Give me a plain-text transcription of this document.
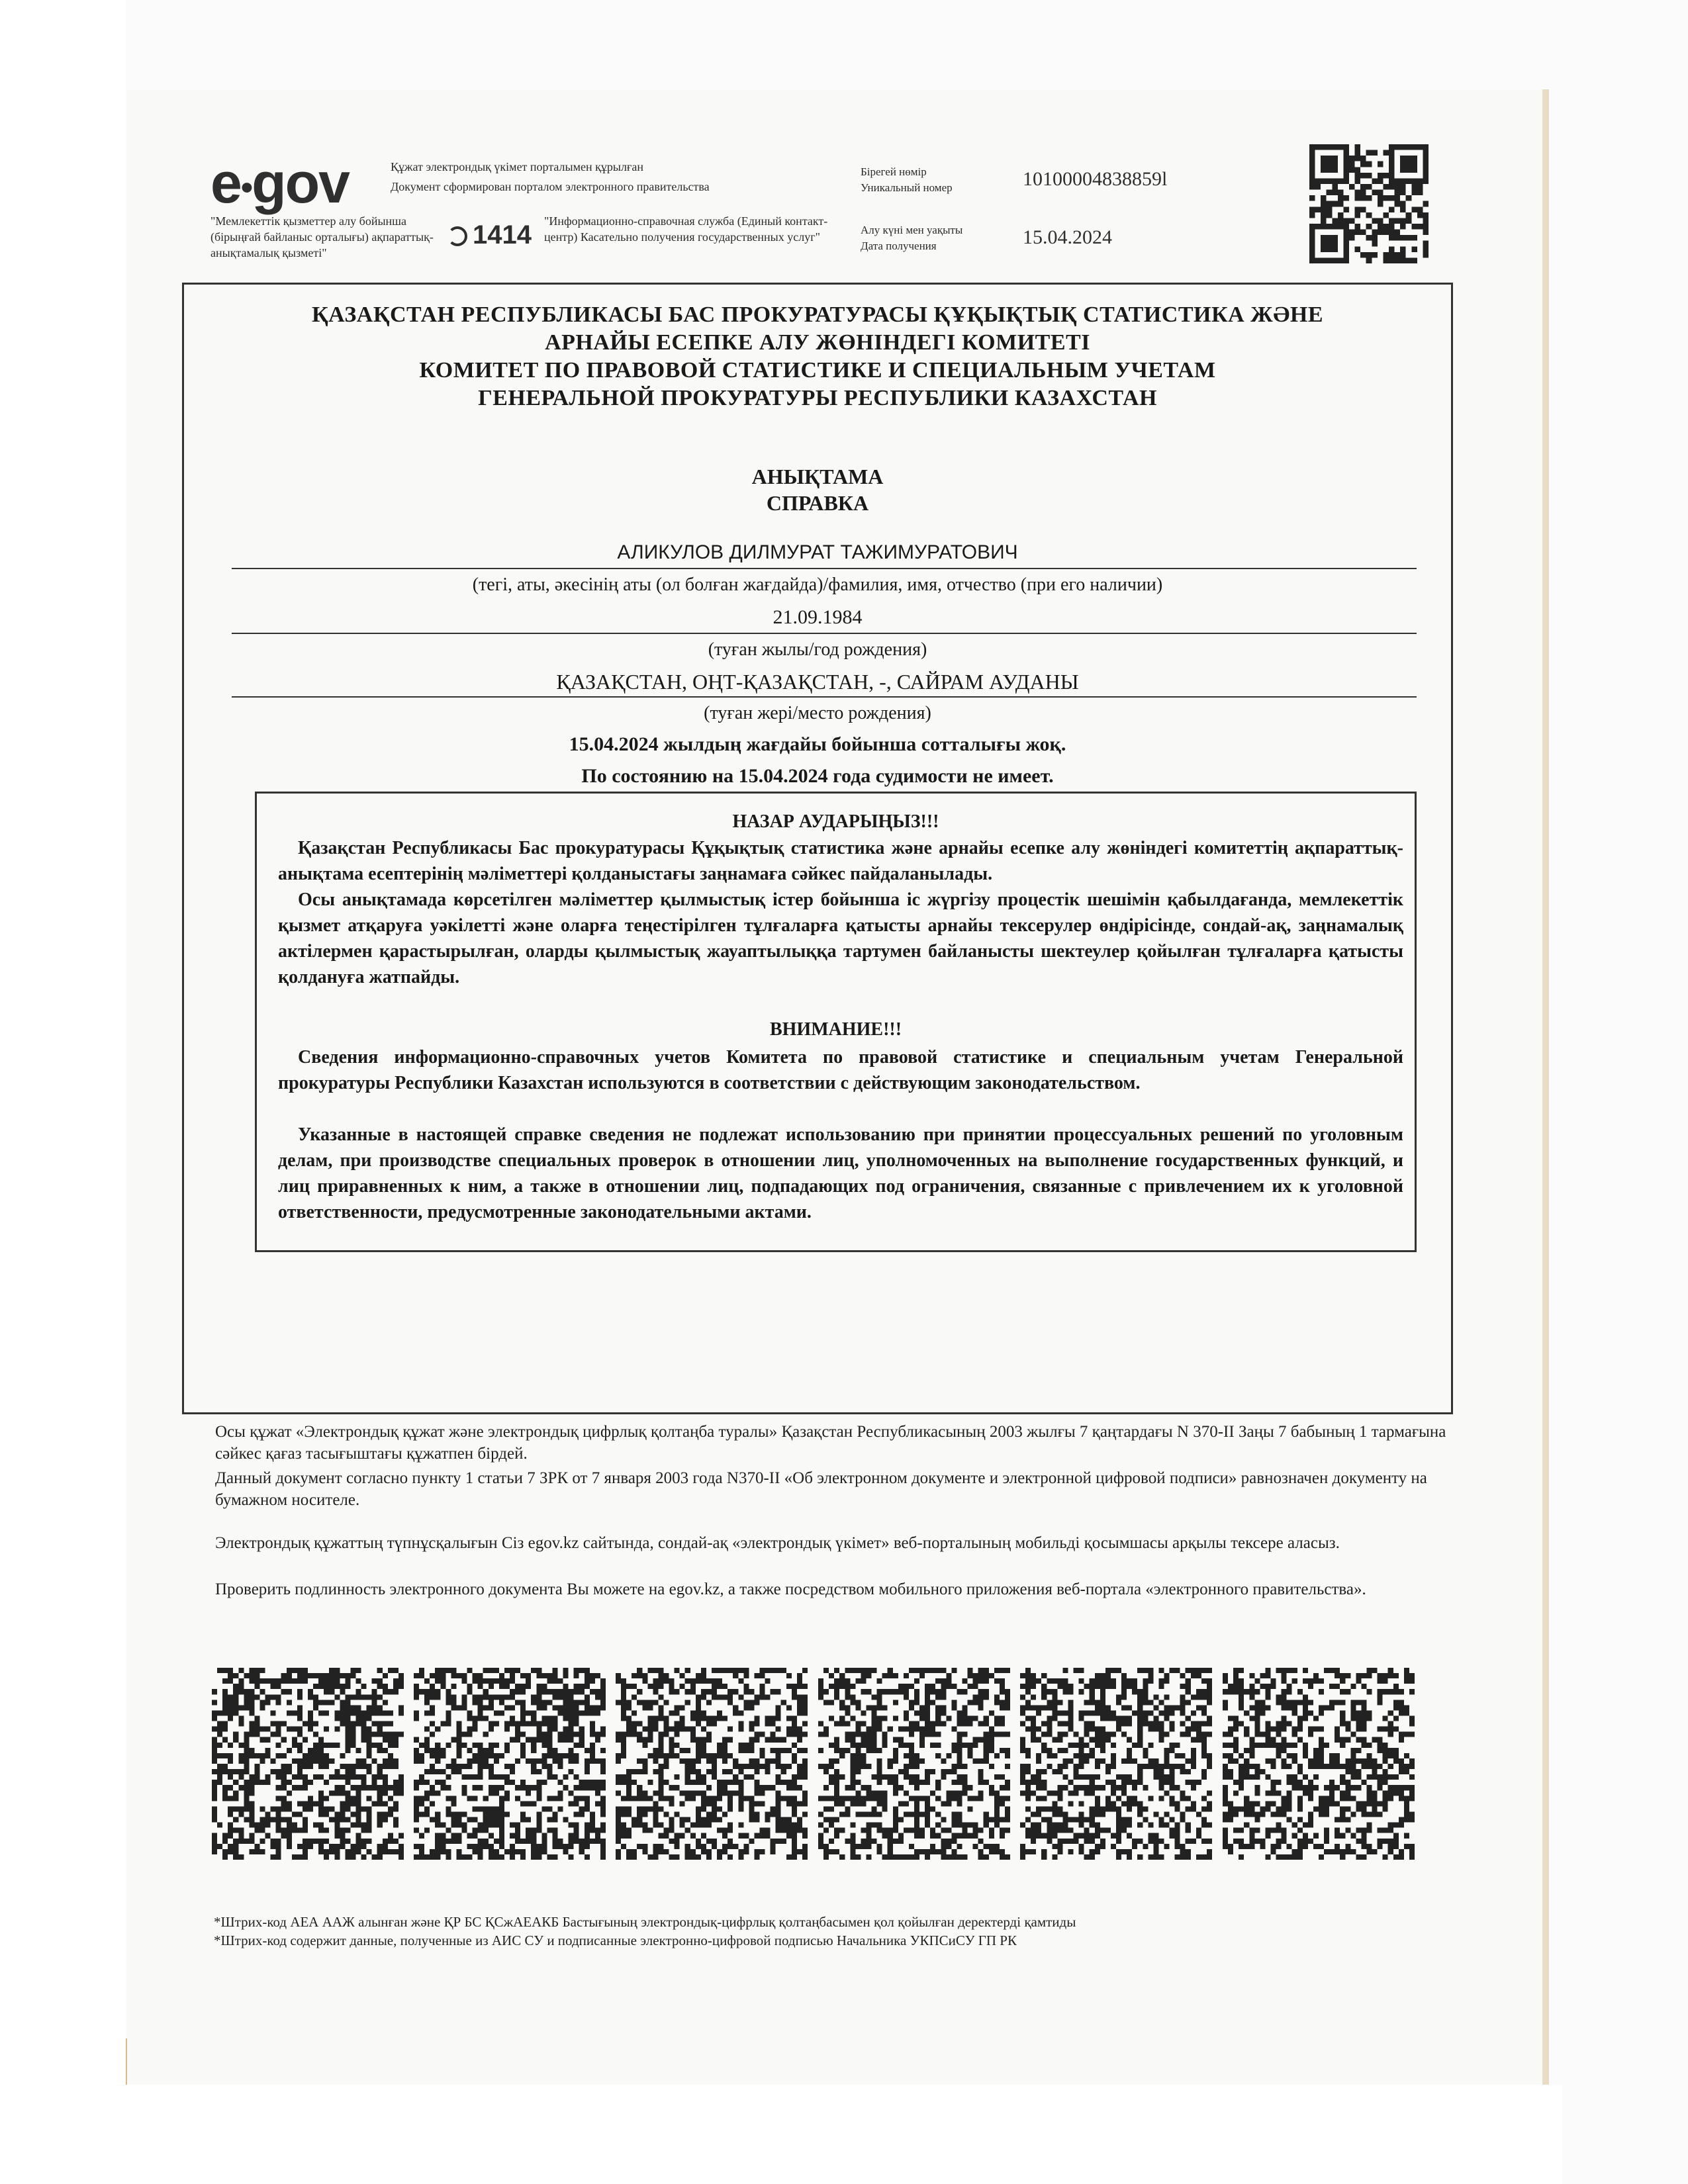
e•gov
"Мемлекеттік қызметтер алу бойынша (бірыңғай байланыс орталығы) ақпараттық-анықтамалық қызметі"
1414
Құжат электрондық үкімет порталымен құрылған
Документ сформирован порталом электронного правительства
"Информационно-справочная служба (Единый контакт-центр) Касательно получения государственных услуг"
Бірегей нөмір
Уникальный номер	10100004838859l
Алу күні мен уақыты
Дата получения	15.04.2024
ҚАЗАҚСТАН РЕСПУБЛИКАСЫ БАС ПРОКУРАТУРАСЫ ҚҰҚЫҚТЫҚ СТАТИСТИКА ЖӘНЕ
АРНАЙЫ ЕСЕПКЕ АЛУ ЖӨНІНДЕГІ КОМИТЕТІ
КОМИТЕТ ПО ПРАВОВОЙ СТАТИСТИКЕ И СПЕЦИАЛЬНЫМ УЧЕТАМ
ГЕНЕРАЛЬНОЙ ПРОКУРАТУРЫ РЕСПУБЛИКИ КАЗАХСТАН
АНЫҚТАМА
СПРАВКА
АЛИКУЛОВ ДИЛМУРАТ ТАЖИМУРАТОВИЧ
(тегі, аты, әкесінің аты (ол болған жағдайда)/фамилия, имя, отчество (при его наличии)
21.09.1984
(туған жылы/год рождения)
ҚАЗАҚСТАН, ОҢТ-ҚАЗАҚСТАН, -, САЙРАМ АУДАНЫ
(туған жері/место рождения)
15.04.2024 жылдың жағдайы бойынша сотталығы жоқ.
По состоянию на 15.04.2024 года судимости не имеет.
НАЗАР АУДАРЫҢЫЗ!!!
Қазақстан Республикасы Бас прокуратурасы Құқықтық статистика және арнайы есепке алу жөніндегі комитеттің ақпараттық-анықтама есептерінің мәліметтері қолданыстағы заңнамаға сәйкес пайдаланылады.
Осы анықтамада көрсетілген мәліметтер қылмыстық істер бойынша іс жүргізу процестік шешімін қабылдағанда, мемлекеттік қызмет атқаруға уәкілетті және оларға теңестірілген тұлғаларға қатысты арнайы тексерулер өндірісінде, сондай-ақ, заңнамалық актілермен қарастырылған, оларды қылмыстық жауаптылыққа тартумен байланысты шектеулер қойылған тұлғаларға қатысты қолдануға жатпайды.
ВНИМАНИЕ!!!
Сведения информационно-справочных учетов Комитета по правовой статистике и специальным учетам Генеральной прокуратуры Республики Казахстан используются в соответствии с действующим законодательством.
Указанные в настоящей справке сведения не подлежат использованию при принятии процессуальных решений по уголовным делам, при производстве специальных проверок в отношении лиц, уполномоченных на выполнение государственных функций, и лиц приравненных к ним, а также в отношении лиц, подпадающих под ограничения, связанные с привлечением их к уголовной ответственности, предусмотренные законодательными актами.
Осы құжат «Электрондық құжат және электрондық цифрлық қолтаңба туралы» Қазақстан Республикасының 2003 жылғы 7 қаңтардағы N 370-II Заңы 7 бабының 1 тармағына сәйкес қағаз тасығыштағы құжатпен бірдей.
Данный документ согласно пункту 1 статьи 7 ЗРК от 7 января 2003 года N370-II «Об электронном документе и электронной цифровой подписи» равнозначен документу на бумажном носителе.
Электрондық құжаттың түпнұсқалығын Сіз egov.kz сайтында, сондай-ақ «электрондық үкімет» веб-порталының мобильді қосымшасы арқылы тексере аласыз.
Проверить подлинность электронного документа Вы можете на egov.kz, а также посредством мобильного приложения веб-портала «электронного правительства».
*Штрих-код АЕА ААЖ алынған және ҚР БС ҚСжАЕАКБ Бастығының электрондық-цифрлық қолтаңбасымен қол қойылған деректерді қамтиды
*Штрих-код содержит данные, полученные из АИС СУ и подписанные электронно-цифровой подписью Начальника УКПСиСУ ГП РК
